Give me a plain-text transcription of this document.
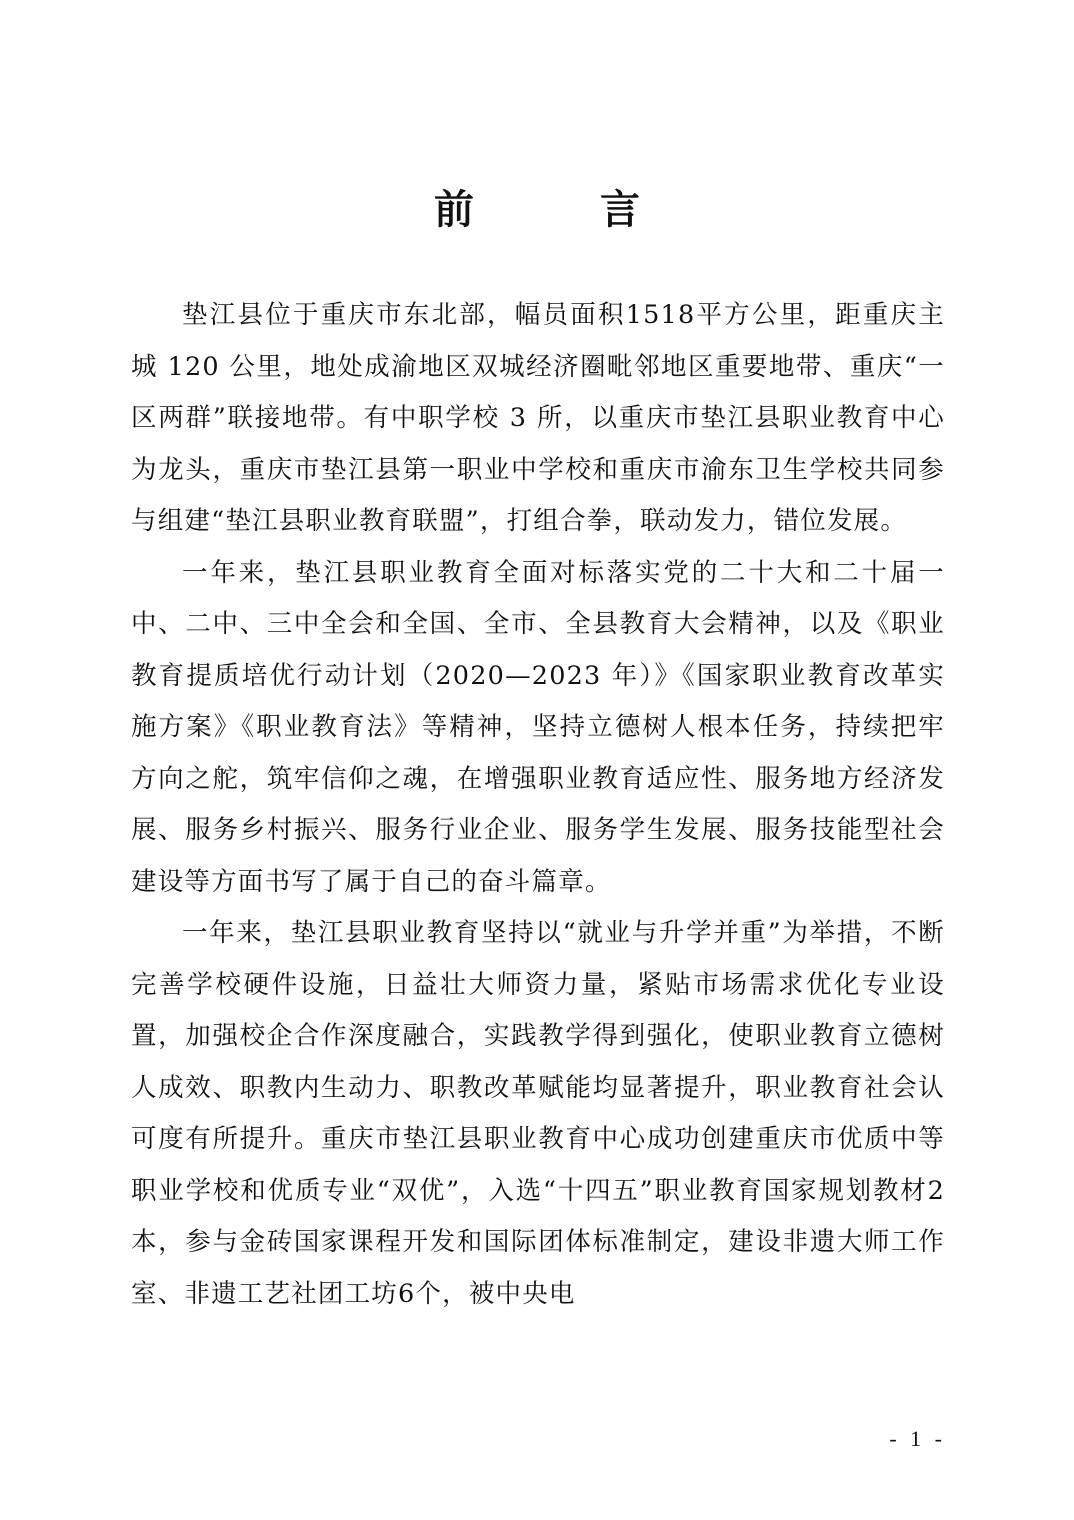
前 言

垫江县位于重庆市东北部，幅员面积1518平方公里，距重庆主城 120 公里，地处成渝地区双城经济圈毗邻地区重要地带、重庆“一区两群”联接地带。有中职学校 3 所，以重庆市垫江县职业教育中心为龙头，重庆市垫江县第一职业中学校和重庆市渝东卫生学校共同参与组建“垫江县职业教育联盟”，打组合拳，联动发力，错位发展。

一年来，垫江县职业教育全面对标落实党的二十大和二十届一中、二中、三中全会和全国、全市、全县教育大会精神，以及《职业教育提质培优行动计划（2020—2023 年）》《国家职业教育改革实施方案》《职业教育法》等精神，坚持立德树人根本任务，持续把牢方向之舵，筑牢信仰之魂，在增强职业教育适应性、服务地方经济发展、服务乡村振兴、服务行业企业、服务学生发展、服务技能型社会建设等方面书写了属于自己的奋斗篇章。

一年来，垫江县职业教育坚持以“就业与升学并重”为举措，不断完善学校硬件设施，日益壮大师资力量，紧贴市场需求优化专业设置，加强校企合作深度融合，实践教学得到强化，使职业教育立德树人成效、职教内生动力、职教改革赋能均显著提升，职业教育社会认可度有所提升。重庆市垫江县职业教育中心成功创建重庆市优质中等职业学校和优质专业“双优”，入选“十四五”职业教育国家规划教材2本，参与金砖国家课程开发和国际团体标准制定，建设非遗大师工作室、非遗工艺社团工坊6个，被中央电

- 1 -
